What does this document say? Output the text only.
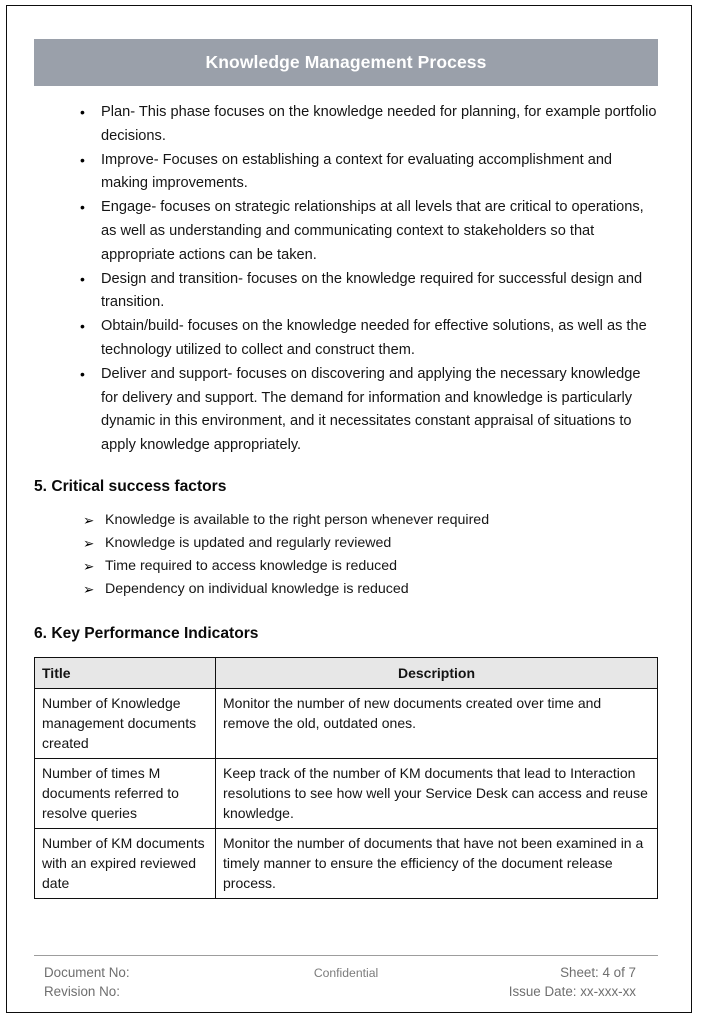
Knowledge Management Process
• Plan- This phase focuses on the knowledge needed for planning, for example portfolio decisions.
• Improve- Focuses on establishing a context for evaluating accomplishment and making improvements.
• Engage- focuses on strategic relationships at all levels that are critical to operations, as well as understanding and communicating context to stakeholders so that appropriate actions can be taken.
• Design and transition- focuses on the knowledge required for successful design and transition.
• Obtain/build- focuses on the knowledge needed for effective solutions, as well as the technology utilized to collect and construct them.
• Deliver and support- focuses on discovering and applying the necessary knowledge for delivery and support. The demand for information and knowledge is particularly dynamic in this environment, and it necessitates constant appraisal of situations to apply knowledge appropriately.
5. Critical success factors
➢ Knowledge is available to the right person whenever required
➢ Knowledge is updated and regularly reviewed
➢ Time required to access knowledge is reduced
➢ Dependency on individual knowledge is reduced
6. Key Performance Indicators
Title	Description
Number of Knowledge management documents created	Monitor the number of new documents created over time and remove the old, outdated ones.
Number of times M documents referred to resolve queries	Keep track of the number of KM documents that lead to Interaction resolutions to see how well your Service Desk can access and reuse knowledge.
Number of KM documents with an expired reviewed date	Monitor the number of documents that have not been examined in a timely manner to ensure the efficiency of the document release process.
Document No:
Revision No:
Confidential	Sheet: 4 of 7
Issue Date: xx-xxx-xx
